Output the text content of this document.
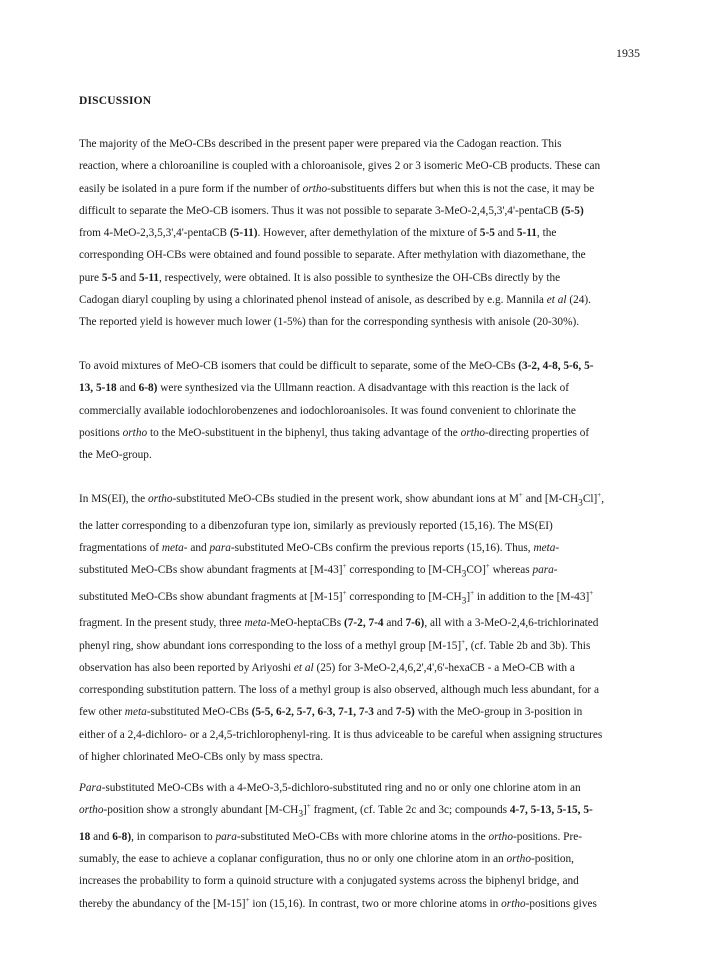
1935
DISCUSSION
The majority of the MeO-CBs described in the present paper were prepared via the Cadogan reaction. This
reaction, where a chloroaniline is coupled with a chloroanisole, gives 2 or 3 isomeric MeO-CB products. These can
easily be isolated in a pure form if the number of ortho-substituents differs but when this is not the case, it may be
difficult to separate the MeO-CB isomers. Thus it was not possible to separate 3-MeO-2,4,5,3',4'-pentaCB (5-5)
from 4-MeO-2,3,5,3',4'-pentaCB (5-11). However, after demethylation of the mixture of 5-5 and 5-11, the
corresponding OH-CBs were obtained and found possible to separate. After methylation with diazomethane, the
pure 5-5 and 5-11, respectively, were obtained. It is also possible to synthesize the OH-CBs directly by the
Cadogan diaryl coupling by using a chlorinated phenol instead of anisole, as described by e.g. Mannila et al (24).
The reported yield is however much lower (1-5%) than for the corresponding synthesis with anisole (20-30%).
To avoid mixtures of MeO-CB isomers that could be difficult to separate, some of the MeO-CBs (3-2, 4-8, 5-6, 5-
13, 5-18 and 6-8) were synthesized via the Ullmann reaction. A disadvantage with this reaction is the lack of
commercially available iodochlorobenzenes and iodochloroanisoles. It was found convenient to chlorinate the
positions ortho to the MeO-substituent in the biphenyl, thus taking advantage of the ortho-directing properties of
the MeO-group.
In MS(EI), the ortho-substituted MeO-CBs studied in the present work, show abundant ions at M+ and $[M-CH_3Cl]^+$,
the latter corresponding to a dibenzofuran type ion, similarly as previously reported (15,16). The MS(EI)
fragmentations of meta- and para-substituted MeO-CBs confirm the previous reports (15,16). Thus, meta-
substituted MeO-CBs show abundant fragments at [M-43]+ corresponding to $[M-CH_3CO]^+$ whereas para-
substituted MeO-CBs show abundant fragments at [M-15]+ corresponding to $[M-CH_3]^+$ in addition to the [M-43]+
fragment. In the present study, three meta-MeO-heptaCBs (7-2, 7-4 and 7-6), all with a 3-MeO-2,4,6-trichlorinated
phenyl ring, show abundant ions corresponding to the loss of a methyl group [M-15]+, (cf. Table 2b and 3b). This
observation has also been reported by Ariyoshi et al (25) for 3-MeO-2,4,6,2',4',6'-hexaCB - a MeO-CB with a
corresponding substitution pattern. The loss of a methyl group is also observed, although much less abundant, for a
few other meta-substituted MeO-CBs (5-5, 6-2, 5-7, 6-3, 7-1, 7-3 and 7-5) with the MeO-group in 3-position in
either of a 2,4-dichloro- or a 2,4,5-trichlorophenyl-ring. It is thus adviceable to be careful when assigning structures
of higher chlorinated MeO-CBs only by mass spectra.
Para-substituted MeO-CBs with a 4-MeO-3,5-dichloro-substituted ring and no or only one chlorine atom in an
ortho-position show a strongly abundant $[M-CH_3]^+$ fragment, (cf. Table 2c and 3c; compounds 4-7, 5-13, 5-15, 5-
18 and 6-8), in comparison to para-substituted MeO-CBs with more chlorine atoms in the ortho-positions. Pre-
sumably, the ease to achieve a coplanar configuration, thus no or only one chlorine atom in an ortho-position,
increases the probability to form a quinoid structure with a conjugated systems across the biphenyl bridge, and
thereby the abundancy of the [M-15]+ ion (15,16). In contrast, two or more chlorine atoms in ortho-positions gives
